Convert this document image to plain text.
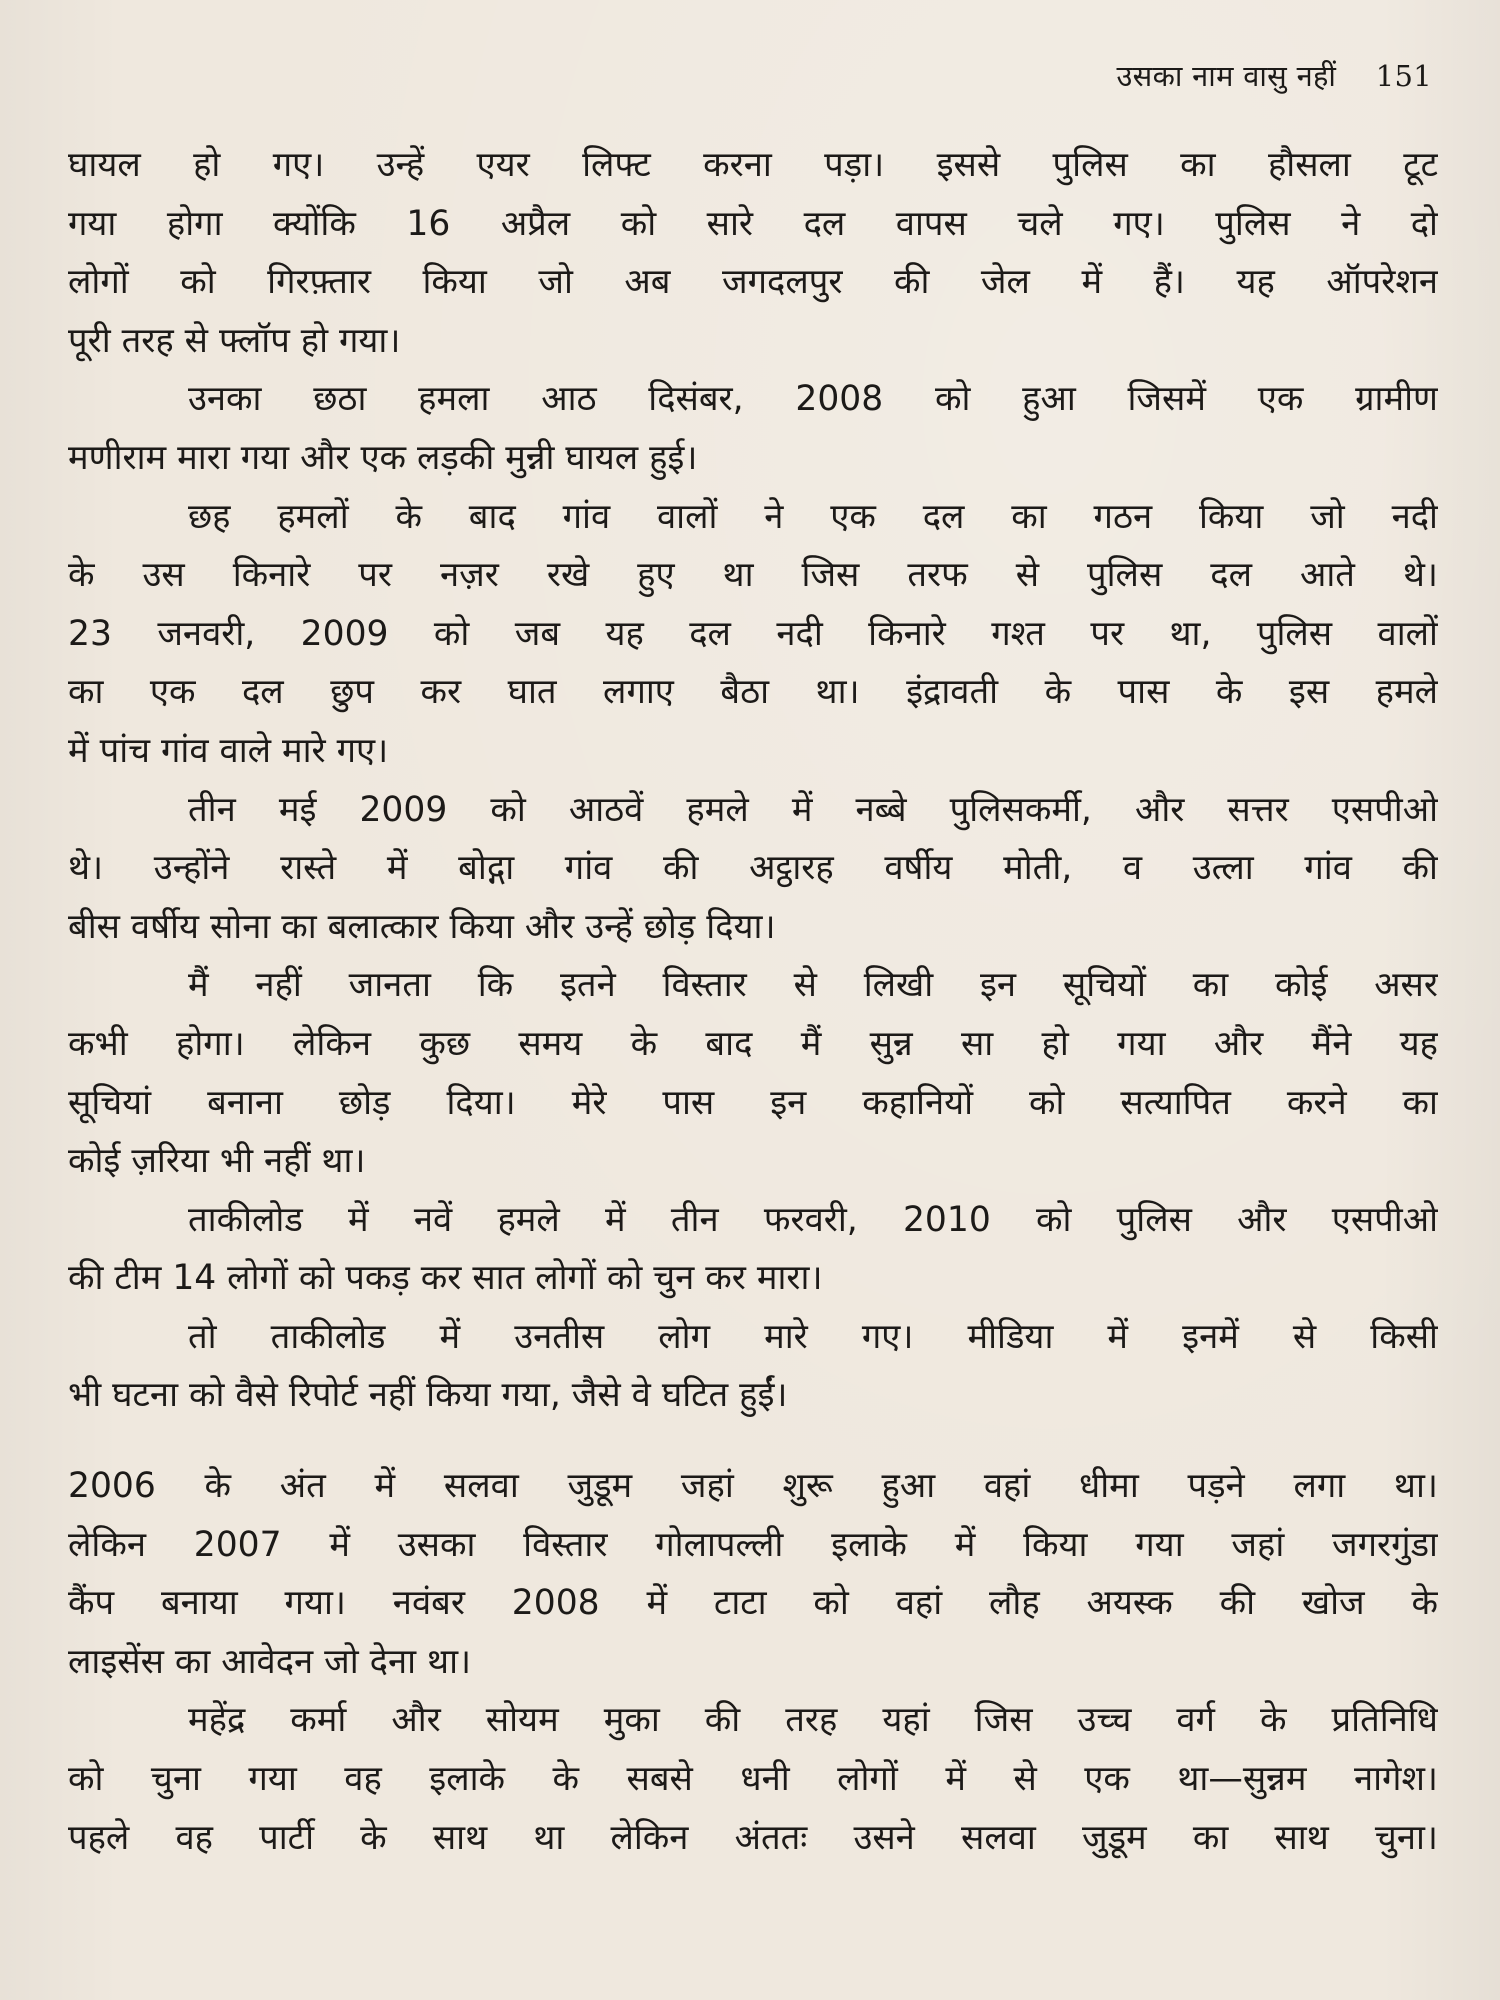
उसका नाम वासु नहीं 151
घायल हो गए। उन्हें एयर लिफ्ट करना पड़ा। इससे पुलिस का हौसला टूट
गया होगा क्योंकि 16 अप्रैल को सारे दल वापस चले गए। पुलिस ने दो
लोगों को गिरफ़्तार किया जो अब जगदलपुर की जेल में हैं। यह ऑपरेशन
पूरी तरह से फ्लॉप हो गया।
उनका छठा हमला आठ दिसंबर, 2008 को हुआ जिसमें एक ग्रामीण
मणीराम मारा गया और एक लड़की मुन्नी घायल हुई।
छह हमलों के बाद गांव वालों ने एक दल का गठन किया जो नदी
के उस किनारे पर नज़र रखे हुए था जिस तरफ से पुलिस दल आते थे।
23 जनवरी, 2009 को जब यह दल नदी किनारे गश्त पर था, पुलिस वालों
का एक दल छुप कर घात लगाए बैठा था। इंद्रावती के पास के इस हमले
में पांच गांव वाले मारे गए।
तीन मई 2009 को आठवें हमले में नब्बे पुलिसकर्मी, और सत्तर एसपीओ
थे। उन्होंने रास्ते में बोद्गा गांव की अट्ठारह वर्षीय मोती, व उत्ला गांव की
बीस वर्षीय सोना का बलात्कार किया और उन्हें छोड़ दिया।
मैं नहीं जानता कि इतने विस्तार से लिखी इन सूचियों का कोई असर
कभी होगा। लेकिन कुछ समय के बाद मैं सुन्न सा हो गया और मैंने यह
सूचियां बनाना छोड़ दिया। मेरे पास इन कहानियों को सत्यापित करने का
कोई ज़रिया भी नहीं था।
ताकीलोड में नवें हमले में तीन फरवरी, 2010 को पुलिस और एसपीओ
की टीम 14 लोगों को पकड़ कर सात लोगों को चुन कर मारा।
तो ताकीलोड में उनतीस लोग मारे गए। मीडिया में इनमें से किसी
भी घटना को वैसे रिपोर्ट नहीं किया गया, जैसे वे घटित हुईं।
2006 के अंत में सलवा जुडूम जहां शुरू हुआ वहां धीमा पड़ने लगा था।
लेकिन 2007 में उसका विस्तार गोलापल्ली इलाके में किया गया जहां जगरगुंडा
कैंप बनाया गया। नवंबर 2008 में टाटा को वहां लौह अयस्क की खोज के
लाइसेंस का आवेदन जो देना था।
महेंद्र कर्मा और सोयम मुका की तरह यहां जिस उच्च वर्ग के प्रतिनिधि
को चुना गया वह इलाके के सबसे धनी लोगों में से एक था—सुन्नम नागेश।
पहले वह पार्टी के साथ था लेकिन अंततः उसने सलवा जुडूम का साथ चुना।
